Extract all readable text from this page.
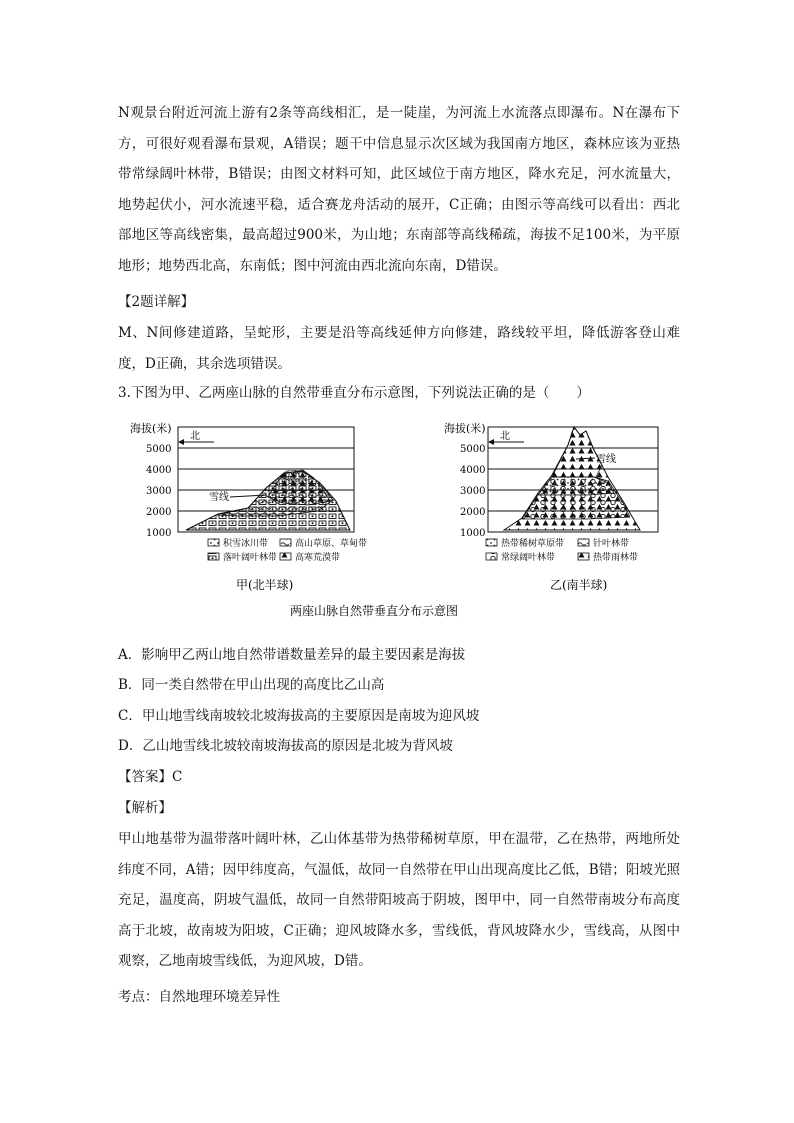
N观景台附近河流上游有2条等高线相汇，是一陡崖，为河流上水流落点即瀑布。N在瀑布下方，可很好观看瀑布景观，A错误；题干中信息显示次区域为我国南方地区，森林应该为亚热带常绿阔叶林带，B错误；由图文材料可知，此区域位于南方地区，降水充足，河水流量大，地势起伏小，河水流速平稳，适合赛龙舟活动的展开，C正确；由图示等高线可以看出：西北部地区等高线密集，最高超过900米，为山地；东南部等高线稀疏，海拔不足100米，为平原地形；地势西北高，东南低；图中河流由西北流向东南，D错误。

【2题详解】

M、N间修建道路，呈蛇形，主要是沿等高线延伸方向修建，路线较平坦，降低游客登山难度，D正确，其余选项错误。

3.下图为甲、乙两座山脉的自然带垂直分布示意图，下列说法正确的是（　　）

海拔(米)
5000
4000
3000
2000
1000
北
雪线
积雪冰川带	高山草原、草甸带
落叶阔叶林带 高寒荒漠带
甲(北半球)
海拔(米)
5000
4000
3000
2000
1000
北
雪线
热带稀树草原带	针叶林带
常绿阔叶林带	热带雨林带
乙(南半球)
两座山脉自然带垂直分布示意图

A．影响甲乙两山地自然带谱数量差异的最主要因素是海拔

B．同一类自然带在甲山出现的高度比乙山高

C．甲山地雪线南坡较北坡海拔高的主要原因是南坡为迎风坡

D．乙山地雪线北坡较南坡海拔高的原因是北坡为背风坡

【答案】C

【解析】

甲山地基带为温带落叶阔叶林，乙山体基带为热带稀树草原，甲在温带，乙在热带，两地所处纬度不同，A错；因甲纬度高，气温低，故同一自然带在甲山出现高度比乙低，B错；阳坡光照充足，温度高，阴坡气温低，故同一自然带阳坡高于阴坡，图甲中，同一自然带南坡分布高度高于北坡，故南坡为阳坡，C正确；迎风坡降水多，雪线低，背风坡降水少，雪线高，从图中观察，乙地南坡雪线低，为迎风坡，D错。

考点：自然地理环境差异性
